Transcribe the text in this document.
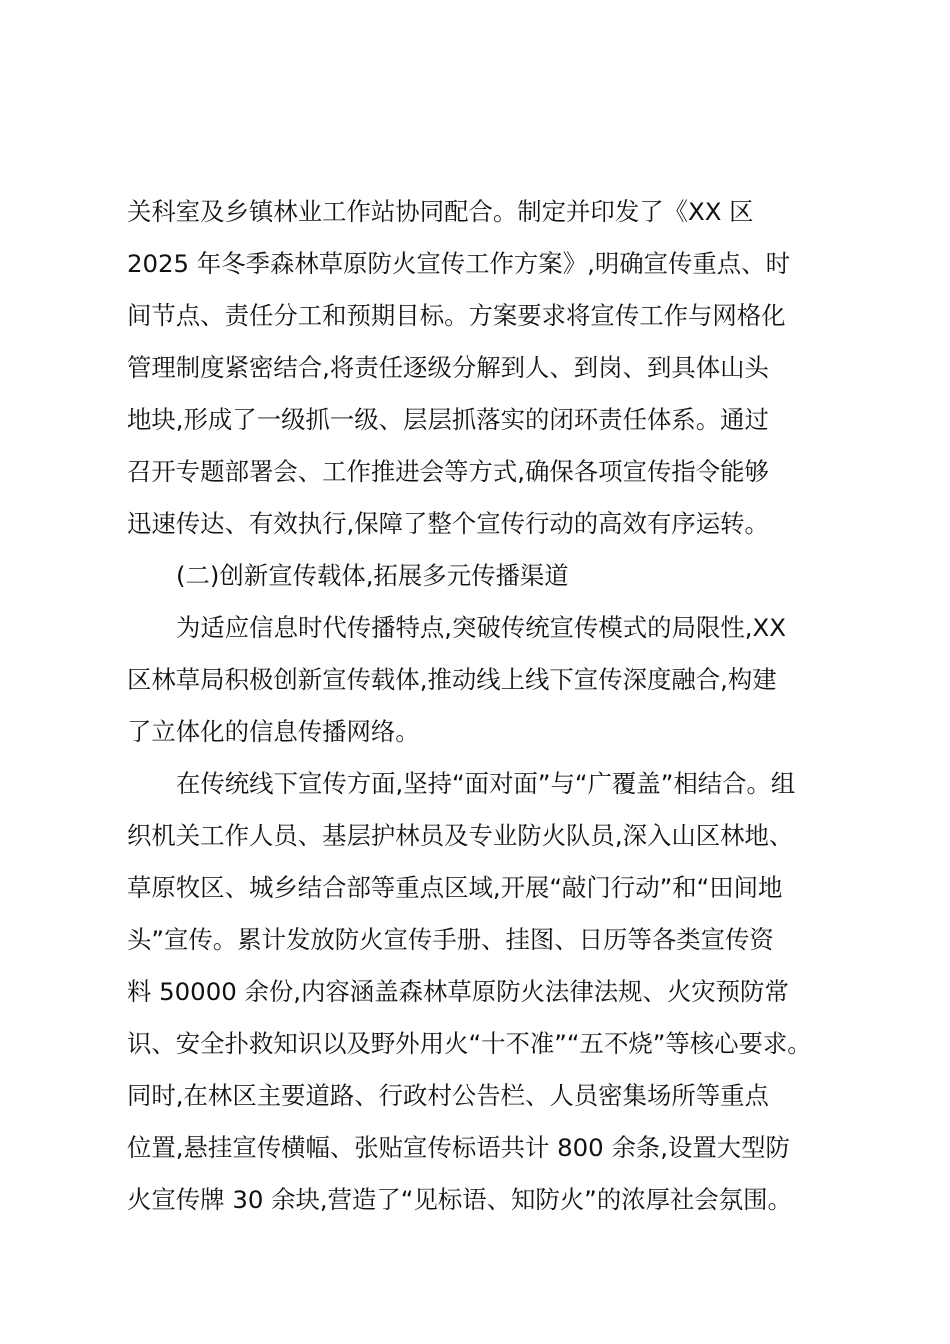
关科室及乡镇林业工作站协同配合。制定并印发了《XX 区
2025 年冬季森林草原防火宣传工作方案》,明确宣传重点、时
间节点、责任分工和预期目标。方案要求将宣传工作与网格化
管理制度紧密结合,将责任逐级分解到人、到岗、到具体山头
地块,形成了一级抓一级、层层抓落实的闭环责任体系。通过
召开专题部署会、工作推进会等方式,确保各项宣传指令能够
迅速传达、有效执行,保障了整个宣传行动的高效有序运转。
(二)创新宣传载体,拓展多元传播渠道
为适应信息时代传播特点,突破传统宣传模式的局限性,XX
区林草局积极创新宣传载体,推动线上线下宣传深度融合,构建
了立体化的信息传播网络。
在传统线下宣传方面,坚持“面对面”与“广覆盖”相结合。组
织机关工作人员、基层护林员及专业防火队员,深入山区林地、
草原牧区、城乡结合部等重点区域,开展“敲门行动”和“田间地
头”宣传。累计发放防火宣传手册、挂图、日历等各类宣传资
料 50000 余份,内容涵盖森林草原防火法律法规、火灾预防常
识、安全扑救知识以及野外用火“十不准”“五不烧”等核心要求。
同时,在林区主要道路、行政村公告栏、人员密集场所等重点
位置,悬挂宣传横幅、张贴宣传标语共计 800 余条,设置大型防
火宣传牌 30 余块,营造了“见标语、知防火”的浓厚社会氛围。
